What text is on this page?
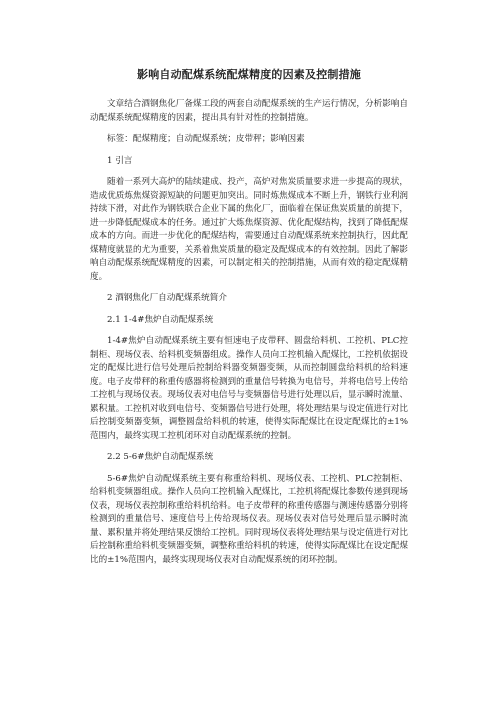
影响自动配煤系统配煤精度的因素及控制措施

文章结合酒钢焦化厂备煤工段的两套自动配煤系统的生产运行情况，分析影响自动配煤系统配煤精度的因素，提出具有针对性的控制措施。

标签：配煤精度；自动配煤系统；皮带秤；影响因素

1 引言

随着一系列大高炉的陆续建成、投产，高炉对焦炭质量要求进一步提高的现状，造成优质炼焦煤资源短缺的问题更加突出。同时炼焦煤成本不断上升，钢铁行业利润持续下滑，对此作为钢铁联合企业下属的焦化厂，面临着在保证焦炭质量的前提下，进一步降低配煤成本的任务。通过扩大炼焦煤资源、优化配煤结构，找到了降低配煤成本的方向。而进一步优化的配煤结构，需要通过自动配煤系统来控制执行，因此配煤精度就显的尤为重要，关系着焦炭质量的稳定及配煤成本的有效控制。因此了解影响自动配煤系统配煤精度的因素，可以制定相关的控制措施，从而有效的稳定配煤精度。

2 酒钢焦化厂自动配煤系统简介

2.1 1-4#焦炉自动配煤系统

1-4#焦炉自动配煤系统主要有恒速电子皮带秤、圆盘给料机、工控机、PLC控制柜、现场仪表、给料机变频器组成。操作人员向工控机输入配煤比，工控机依据设定的配煤比进行信号处理后控制给料器变频器变频，从而控制圆盘给料机的给料速度。电子皮带秤的称重传感器将检测到的重量信号转换为电信号，并将电信号上传给工控机与现场仪表。现场仪表对电信号与变频器信号进行处理以后，显示瞬时流量、累积量。工控机对收到电信号、变频器信号进行处理，将处理结果与设定值进行对比后控制变频器变频，调整圆盘给料机的转速，使得实际配煤比在设定配煤比的±1%范围内，最终实现工控机闭环对自动配煤系统的控制。

2.2 5-6#焦炉自动配煤系统

5-6#焦炉自动配煤系统主要有称重给料机、现场仪表、工控机、PLC控制柜、给料机变频器组成。操作人员向工控机输入配煤比，工控机将配煤比参数传递到现场仪表，现场仪表控制称重给料机给料。电子皮带秤的称重传感器与测速传感器分别将检测到的重量信号、速度信号上传给现场仪表。现场仪表对信号处理后显示瞬时流量、累积量并将处理结果反馈给工控机。同时现场仪表将处理结果与设定值进行对比后控制称重给料机变频器变频，调整称重给料机的转速，使得实际配煤比在设定配煤比的±1%范围内，最终实现现场仪表对自动配煤系统的闭环控制。
